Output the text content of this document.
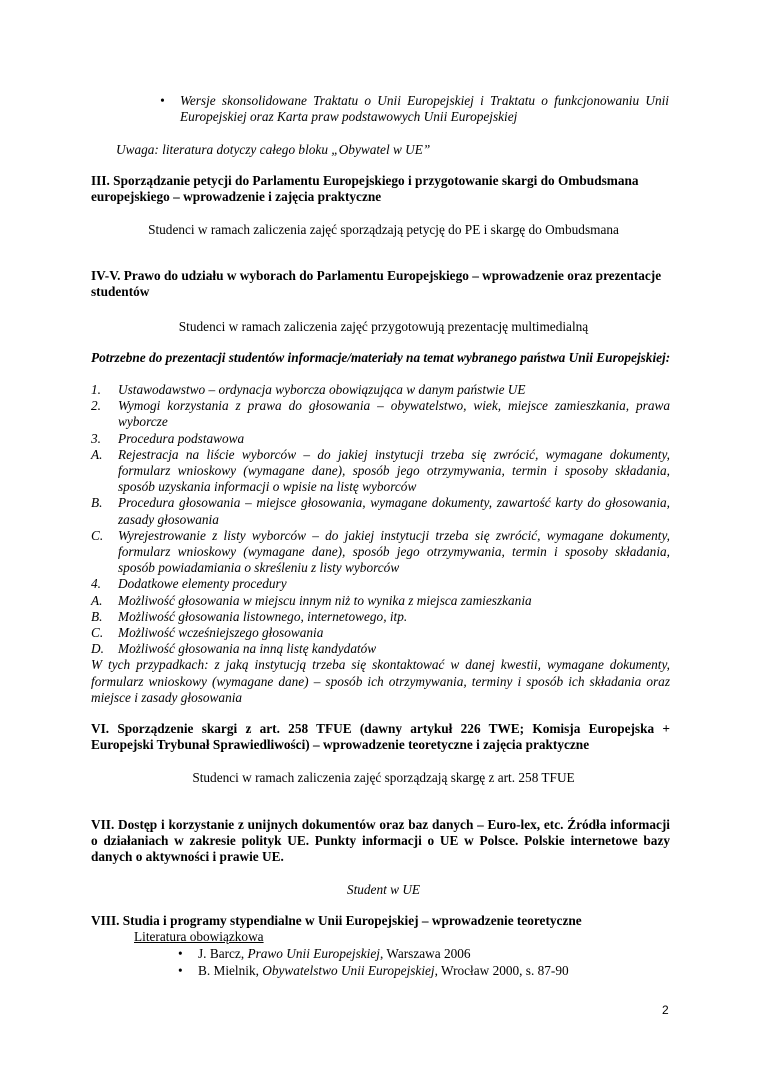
• Wersje skonsolidowane Traktatu o Unii Europejskiej i Traktatu o funkcjonowaniu Unii Europejskiej oraz Karta praw podstawowych Unii Europejskiej
Uwaga: literatura dotyczy całego bloku „Obywatel w UE”
III. Sporządzanie petycji do Parlamentu Europejskiego i przygotowanie skargi do Ombudsmana europejskiego – wprowadzenie i zajęcia praktyczne
Studenci w ramach zaliczenia zajęć sporządzają petycję do PE i skargę do Ombudsmana
IV-V. Prawo do udziału w wyborach do Parlamentu Europejskiego – wprowadzenie oraz prezentacje studentów
Studenci w ramach zaliczenia zajęć przygotowują prezentację multimedialną
Potrzebne do prezentacji studentów informacje/materiały na temat wybranego państwa Unii Europejskiej:
1.	Ustawodawstwo – ordynacja wyborcza obowiązująca w danym państwie UE
2.	Wymogi korzystania z prawa do głosowania – obywatelstwo, wiek, miejsce zamieszkania, prawa wyborcze
3.	Procedura podstawowa
A.	Rejestracja na liście wyborców – do jakiej instytucji trzeba się zwrócić, wymagane dokumenty, formularz wnioskowy (wymagane dane), sposób jego otrzymywania, termin i sposoby składania, sposób uzyskania informacji o wpisie na listę wyborców
B.	Procedura głosowania – miejsce głosowania, wymagane dokumenty, zawartość karty do głosowania, zasady głosowania
C.	Wyrejestrowanie z listy wyborców – do jakiej instytucji trzeba się zwrócić, wymagane dokumenty, formularz wnioskowy (wymagane dane), sposób jego otrzymywania, termin i sposoby składania, sposób powiadamiania o skreśleniu z listy wyborców
4.	Dodatkowe elementy procedury
A.	Możliwość głosowania w miejscu innym niż to wynika z miejsca zamieszkania
B.	Możliwość głosowania listownego, internetowego, itp.
C.	Możliwość wcześniejszego głosowania
D.	Możliwość głosowania na inną listę kandydatów
W tych przypadkach: z jaką instytucją trzeba się skontaktować w danej kwestii, wymagane dokumenty, formularz wnioskowy (wymagane dane) – sposób ich otrzymywania, terminy i sposób ich składania oraz miejsce i zasady głosowania
VI. Sporządzenie skargi z art. 258 TFUE (dawny artykuł 226 TWE; Komisja Europejska + Europejski Trybunał Sprawiedliwości) – wprowadzenie teoretyczne i zajęcia praktyczne
Studenci w ramach zaliczenia zajęć sporządzają skargę z art. 258 TFUE
VII. Dostęp i korzystanie z unijnych dokumentów oraz baz danych – Euro-lex, etc. Źródła informacji o działaniach w zakresie polityk UE. Punkty informacji o UE w Polsce. Polskie internetowe bazy danych o aktywności i prawie UE.
Student w UE
VIII. Studia i programy stypendialne w Unii Europejskiej – wprowadzenie teoretyczne
Literatura obowiązkowa
• J. Barcz, Prawo Unii Europejskiej, Warszawa 2006
• B. Mielnik, Obywatelstwo Unii Europejskiej, Wrocław 2000, s. 87-90
2
